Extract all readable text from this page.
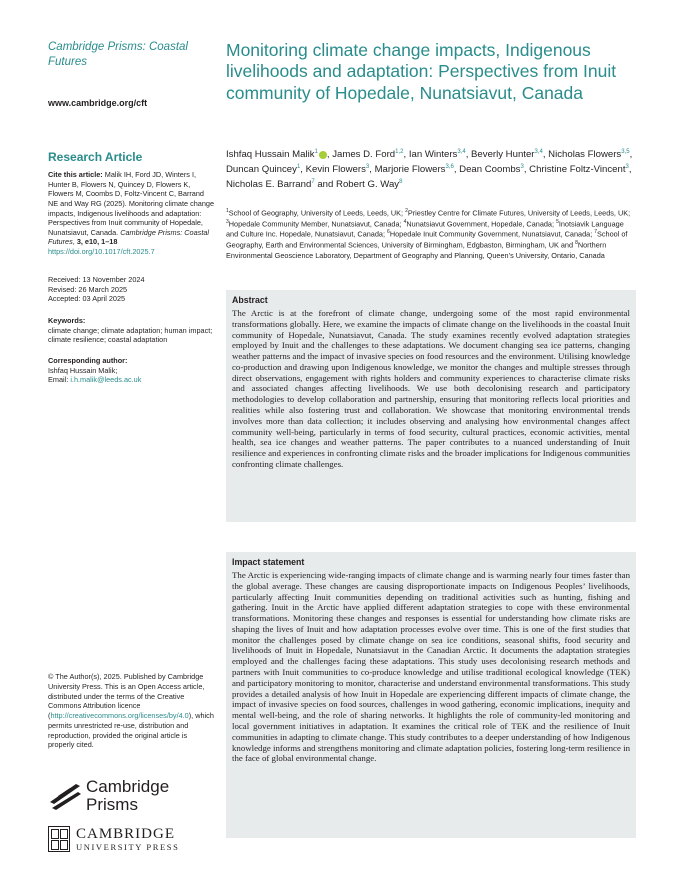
Cambridge Prisms: Coastal Futures

www.cambridge.org/cft
Research Article
Cite this article: Malik IH, Ford JD, Winters I, Hunter B, Flowers N, Quincey D, Flowers K, Flowers M, Coombs D, Foltz-Vincent C, Barrand NE and Way RG (2025). Monitoring climate change impacts, Indigenous livelihoods and adaptation: Perspectives from Inuit community of Hopedale, Nunatsiavut, Canada. Cambridge Prisms: Coastal Futures, 3, e10, 1–18
https://doi.org/10.1017/cft.2025.7
Received: 13 November 2024
Revised: 26 March 2025
Accepted: 03 April 2025
Keywords:
climate change; climate adaptation; human impact; climate resilience; coastal adaptation
Corresponding author:
Ishfaq Hussain Malik;
Email: i.h.malik@leeds.ac.uk
© The Author(s), 2025. Published by Cambridge University Press. This is an Open Access article, distributed under the terms of the Creative Commons Attribution licence (http://creativecommons.org/licenses/by/4.0), which permits unrestricted re-use, distribution and reproduction, provided the original article is properly cited.
Cambridge
Prisms
CAMBRIDGE
UNIVERSITY PRESS
Monitoring climate change impacts, Indigenous livelihoods and adaptation: Perspectives from Inuit community of Hopedale, Nunatsiavut, Canada
Ishfaq Hussain Malik$^1$ , James D. Ford$^{1,2}$, Ian Winters$^{3,4}$, Beverly Hunter$^{3,4}$, Nicholas Flowers$^{3,5}$, Duncan Quincey$^1$, Kevin Flowers$^3$, Marjorie Flowers$^{3,6}$, Dean Coombs$^3$, Christine Foltz-Vincent$^3$, Nicholas E. Barrand$^7$ and Robert G. Way$^8$
$^1$School of Geography, University of Leeds, Leeds, UK; $^2$Priestley Centre for Climate Futures, University of Leeds, Leeds, UK; $^3$Hopedale Community Member, Nunatsiavut, Canada; $^4$Nunatsiavut Government, Hopedale, Canada; $^5$Inotsiavik Language and Culture Inc. Hopedale, Nunatsiavut, Canada; $^6$Hopedale Inuit Community Government, Nunatsiavut, Canada; $^7$School of Geography, Earth and Environmental Sciences, University of Birmingham, Edgbaston, Birmingham, UK and $^8$Northern Environmental Geoscience Laboratory, Department of Geography and Planning, Queen’s University, Ontario, Canada
Abstract

The Arctic is at the forefront of climate change, undergoing some of the most rapid environmental transformations globally. Here, we examine the impacts of climate change on the livelihoods in the coastal Inuit community of Hopedale, Nunatsiavut, Canada. The study examines recently evolved adaptation strategies employed by Inuit and the challenges to these adaptations. We document changing sea ice patterns, changing weather patterns and the impact of invasive species on food resources and the environment. Utilising knowledge co-production and drawing upon Indigenous knowledge, we monitor the changes and multiple stresses through direct observations, engagement with rights holders and community experiences to characterise climate risks and associated changes affecting livelihoods. We use both decolonising research and participatory methodologies to develop collaboration and partnership, ensuring that monitoring reflects local priorities and realities while also fostering trust and collaboration. We showcase that monitoring environmental trends involves more than data collection; it includes observing and analysing how environmental changes affect community well-being, particularly in terms of food security, cultural practices, economic activities, mental health, sea ice changes and weather patterns. The paper contributes to a nuanced understanding of Inuit resilience and experiences in confronting climate risks and the broader implications for Indigenous communities confronting climate challenges.

Impact statement

The Arctic is experiencing wide-ranging impacts of climate change and is warming nearly four times faster than the global average. These changes are causing disproportionate impacts on Indigenous Peoples’ livelihoods, particularly affecting Inuit communities depending on traditional activities such as hunting, fishing and gathering. Inuit in the Arctic have applied different adaptation strategies to cope with these environmental transformations. Monitoring these changes and responses is essential for understanding how climate risks are shaping the lives of Inuit and how adaptation processes evolve over time. This is one of the first studies that monitor the challenges posed by climate change on sea ice conditions, seasonal shifts, food security and livelihoods of Inuit in Hopedale, Nunatsiavut in the Canadian Arctic. It documents the adaptation strategies employed and the challenges facing these adaptations. This study uses decolonising research methods and partners with Inuit communities to co-produce knowledge and utilise traditional ecological knowledge (TEK) and participatory monitoring to monitor, characterise and understand environmental transformations. This study provides a detailed analysis of how Inuit in Hopedale are experiencing different impacts of climate change, the impact of invasive species on food sources, challenges in wood gathering, economic implications, inequity and mental well-being, and the role of sharing networks. It highlights the role of community-led monitoring and local government initiatives in adaptation. It examines the critical role of TEK and the resilience of Inuit communities in adapting to climate change. This study contributes to a deeper understanding of how Indigenous knowledge informs and strengthens monitoring and climate adaptation policies, fostering long-term resilience in the face of global environmental change.
